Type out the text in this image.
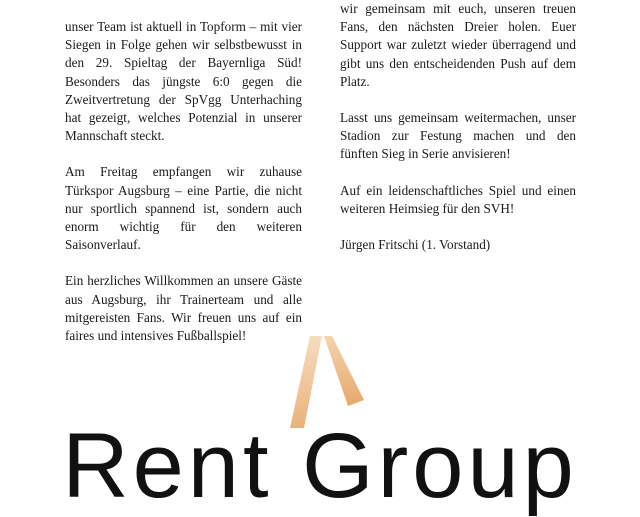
unser Team ist aktuell in Topform – mit vier Siegen in Folge gehen wir selbstbewusst in den 29. Spieltag der Bayernliga Süd! Besonders das jüngste 6:0 gegen die Zweitvertretung der SpVgg Unterhaching hat gezeigt, welches Potenzial in unserer Mannschaft steckt.

Am Freitag empfangen wir zuhause Türkspor Augsburg – eine Partie, die nicht nur sportlich spannend ist, sondern auch enorm wichtig für den weiteren Saisonverlauf.

Ein herzliches Willkommen an unsere Gäste aus Augsburg, ihr Trainerteam und alle mitgereisten Fans. Wir freuen uns auf ein faires und intensives Fußballspiel!

wir gemeinsam mit euch, unseren treuen Fans, den nächsten Dreier holen. Euer Support war zuletzt wieder überragend und gibt uns den entscheidenden Push auf dem Platz.

Lasst uns gemeinsam weitermachen, unser Stadion zur Festung machen und den fünften Sieg in Serie anvisieren!

Auf ein leidenschaftliches Spiel und einen weiteren Heimsieg für den SVH!

Jürgen Fritschi (1. Vorstand)

Rent Group
